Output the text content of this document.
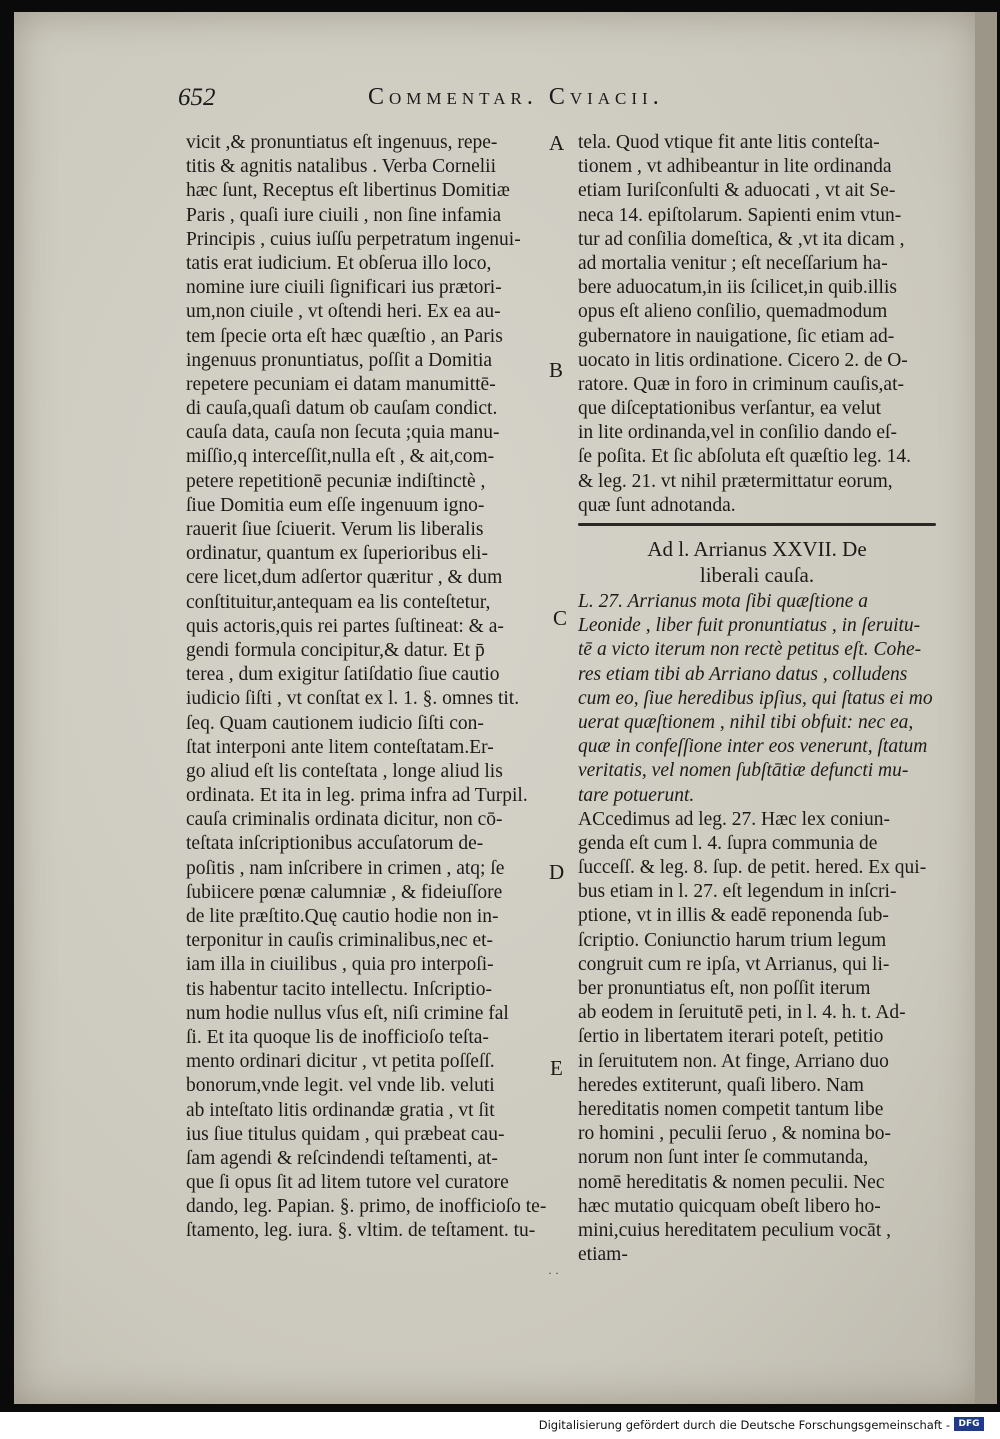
652	Commentar. Cviacii.
vicit ,& pronuntiatus eſt ingenuus, repe-
titis & agnitis natalibus . Verba Cornelii
hæc ſunt, Receptus eſt libertinus Domitiæ
Paris , quaſi iure ciuili , non ſine infamia
Principis , cuius iuſſu perpetratum ingenui-
tatis erat iudicium. Et obſerua illo loco,
nomine iure ciuili ſignificari ius prætori-
um,non ciuile , vt oſtendi heri. Ex ea au-
tem ſpecie orta eſt hæc quæſtio , an Paris
ingenuus pronuntiatus, poſſit a Domitia
repetere pecuniam ei datam manumittē-
di cauſa,quaſi datum ob cauſam condict.
cauſa data, cauſa non ſecuta ;quia manu-
miſſio,q interceſſit,nulla eſt , & ait,com-
petere repetitionē pecuniæ indiſtinctè ,
ſiue Domitia eum eſſe ingenuum igno-
rauerit ſiue ſciuerit. Verum lis liberalis
ordinatur, quantum ex ſuperioribus eli-
cere licet,dum adſertor quæritur , & dum
conſtituitur,antequam ea lis conteſtetur,
quis actoris,quis rei partes ſuſtineat: & a-
gendi formula concipitur,& datur. Et p̄
terea , dum exigitur ſatiſdatio ſiue cautio
iudicio ſiſti , vt conſtat ex l. 1. §. omnes tit.
ſeq. Quam cautionem iudicio ſiſti con-
ſtat interponi ante litem conteſtatam.Er-
go aliud eſt lis conteſtata , longe aliud lis
ordinata. Et ita in leg. prima infra ad Turpil.
cauſa criminalis ordinata dicitur, non cō-
teſtata inſcriptionibus accuſatorum de-
poſitis , nam inſcribere in crimen , atq; ſe
ſubiicere pœnæ calumniæ , & fideiuſſore
de lite præſtito.Quę cautio hodie non in-
terponitur in cauſis criminalibus,nec et-
iam illa in ciuilibus , quia pro interpoſi-
tis habentur tacito intellectu. Inſcriptio-
num hodie nullus vſus eſt, niſi crimine fal
ſi. Et ita quoque lis de inofficioſo teſta-
mento ordinari dicitur , vt petita poſſeſſ.
bonorum,vnde legit. vel vnde lib. veluti
ab inteſtato litis ordinandæ gratia , vt ſit
ius ſiue titulus quidam , qui præbeat cau-
ſam agendi & reſcindendi teſtamenti, at-
que ſi opus ſit ad litem tutore vel curatore
dando, leg. Papian. §. primo, de inofficioſo te-
ſtamento, leg. iura. §. vltim. de teſtament. tu-
tela. Quod vtique fit ante litis conteſta-
tionem , vt adhibeantur in lite ordinanda
etiam Iuriſconſulti & aduocati , vt ait Se-
neca 14. epiſtolarum. Sapienti enim vtun-
tur ad conſilia domeſtica, & ,vt ita dicam ,
ad mortalia venitur ; eſt neceſſarium ha-
bere aduocatum,in iis ſcilicet,in quib.illis
opus eſt alieno conſilio, quemadmodum
gubernatore in nauigatione, ſic etiam ad-
uocato in litis ordinatione. Cicero 2. de O-
ratore. Quæ in foro in criminum cauſis,at-
que diſceptationibus verſantur, ea velut
in lite ordinanda,vel in conſilio dando eſ-
ſe poſita. Et ſic abſoluta eſt quæſtio leg. 14.
& leg. 21. vt nihil prætermittatur eorum,
quæ ſunt adnotanda.
Ad l. Arrianus XXVII. De
liberali cauſa.
L. 27. Arrianus mota ſibi quæſtione a
Leonide , liber fuit pronuntiatus , in ſeruitu-
tē a victo iterum non rectè petitus eſt. Cohe-
res etiam tibi ab Arriano datus , colludens
cum eo, ſiue heredibus ipſius, qui ſtatus ei mo
uerat quæſtionem , nihil tibi obfuit: nec ea,
quæ in confeſſione inter eos venerunt, ſtatum
veritatis, vel nomen ſubſtātiæ defuncti mu-
tare potuerunt.
ACcedimus ad leg. 27. Hæc lex coniun-
genda eſt cum l. 4. ſupra communia de
ſucceſſ. & leg. 8. ſup. de petit. hered. Ex qui-
bus etiam in l. 27. eſt legendum in inſcri-
ptione, vt in illis & eadē reponenda ſub-
ſcriptio. Coniunctio harum trium legum
congruit cum re ipſa, vt Arrianus, qui li-
ber pronuntiatus eſt, non poſſit iterum
ab eodem in ſeruitutē peti, in l. 4. h. t. Ad-
ſertio in libertatem iterari poteſt, petitio
in ſeruitutem non. At finge, Arriano duo
heredes extiterunt, quaſi libero. Nam
hereditatis nomen competit tantum libe
ro homini , peculii ſeruo , & nomina bo-
norum non ſunt inter ſe commutanda,
nomē hereditatis & nomen peculii. Nec
hæc mutatio quicquam obeſt libero ho-
mini,cuius hereditatem peculium vocāt ,
etiam-
A
B
C
D
E
· ·
Digitalisierung gefördert durch die Deutsche Forschungsgemeinschaft - DFG
